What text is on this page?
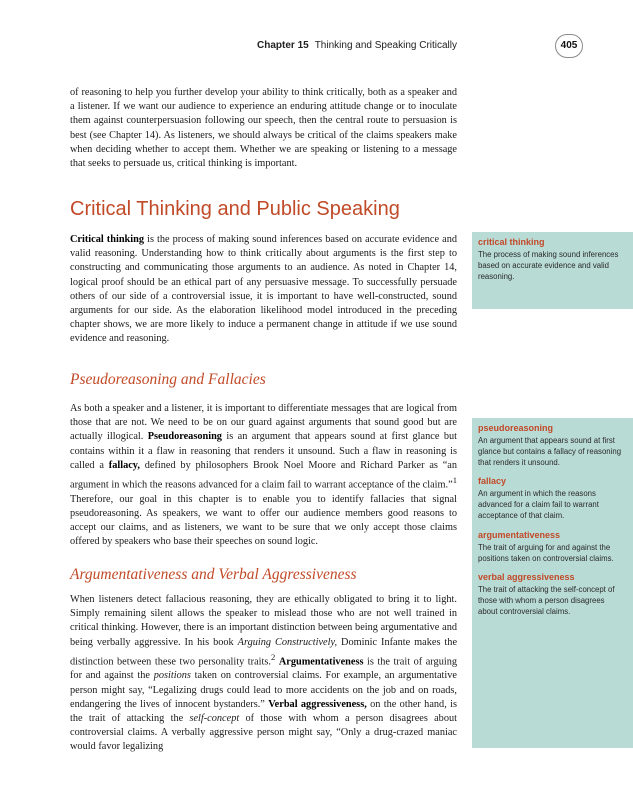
Chapter 15 Thinking and Speaking Critically	405

of reasoning to help you further develop your ability to think critically, both as a speaker and a listener. If we want our audience to experience an enduring attitude change or to inoculate them against counterpersuasion following our speech, then the central route to persuasion is best (see Chapter 14). As listeners, we should always be critical of the claims speakers make when deciding whether to accept them. Whether we are speaking or listening to a message that seeks to persuade us, critical thinking is important.

Critical Thinking and Public Speaking

Critical thinking is the process of making sound inferences based on accurate evidence and valid reasoning. Understanding how to think critically about arguments is the first step to constructing and communicating those arguments to an audience. As noted in Chapter 14, logical proof should be an ethical part of any persuasive message. To successfully persuade others of our side of a controversial issue, it is important to have well-constructed, sound arguments for our side. As the elaboration likelihood model introduced in the preceding chapter shows, we are more likely to induce a permanent change in attitude if we use sound evidence and reasoning.

Pseudoreasoning and Fallacies

As both a speaker and a listener, it is important to differentiate messages that are logical from those that are not. We need to be on our guard against arguments that sound good but are actually illogical. Pseudoreasoning is an argument that appears sound at first glance but contains within it a flaw in reasoning that renders it unsound. Such a flaw in reasoning is called a fallacy, defined by philosophers Brook Noel Moore and Richard Parker as “an argument in which the reasons advanced for a claim fail to warrant acceptance of the claim.”$^1$ Therefore, our goal in this chapter is to enable you to identify fallacies that signal pseudoreasoning. As speakers, we want to offer our audience members good reasons to accept our claims, and as listeners, we want to be sure that we only accept those claims offered by speakers who base their speeches on sound logic.

Argumentativeness and Verbal Aggressiveness

When listeners detect fallacious reasoning, they are ethically obligated to bring it to light. Simply remaining silent allows the speaker to mislead those who are not well trained in critical thinking. However, there is an important distinction between being argumentative and being verbally aggressive. In his book Arguing Constructively, Dominic Infante makes the distinction between these two personality traits.$^2$ Argumentativeness is the trait of arguing for and against the positions taken on controversial claims. For example, an argumentative person might say, “Legalizing drugs could lead to more accidents on the job and on roads, endangering the lives of innocent bystanders.” Verbal aggressiveness, on the other hand, is the trait of attacking the self-concept of those with whom a person disagrees about controversial claims. A verbally aggressive person might say, “Only a drug-crazed maniac would favor legalizing

critical thinking

The process of making sound inferences based on accurate evidence and valid reasoning.

pseudoreasoning

An argument that appears sound at first glance but contains a fallacy of reasoning that renders it unsound.

fallacy

An argument in which the reasons advanced for a claim fail to warrant acceptance of that claim.

argumentativeness

The trait of arguing for and against the positions taken on controversial claims.

verbal aggressiveness

The trait of attacking the self-concept of those with whom a person disagrees about controversial claims.
